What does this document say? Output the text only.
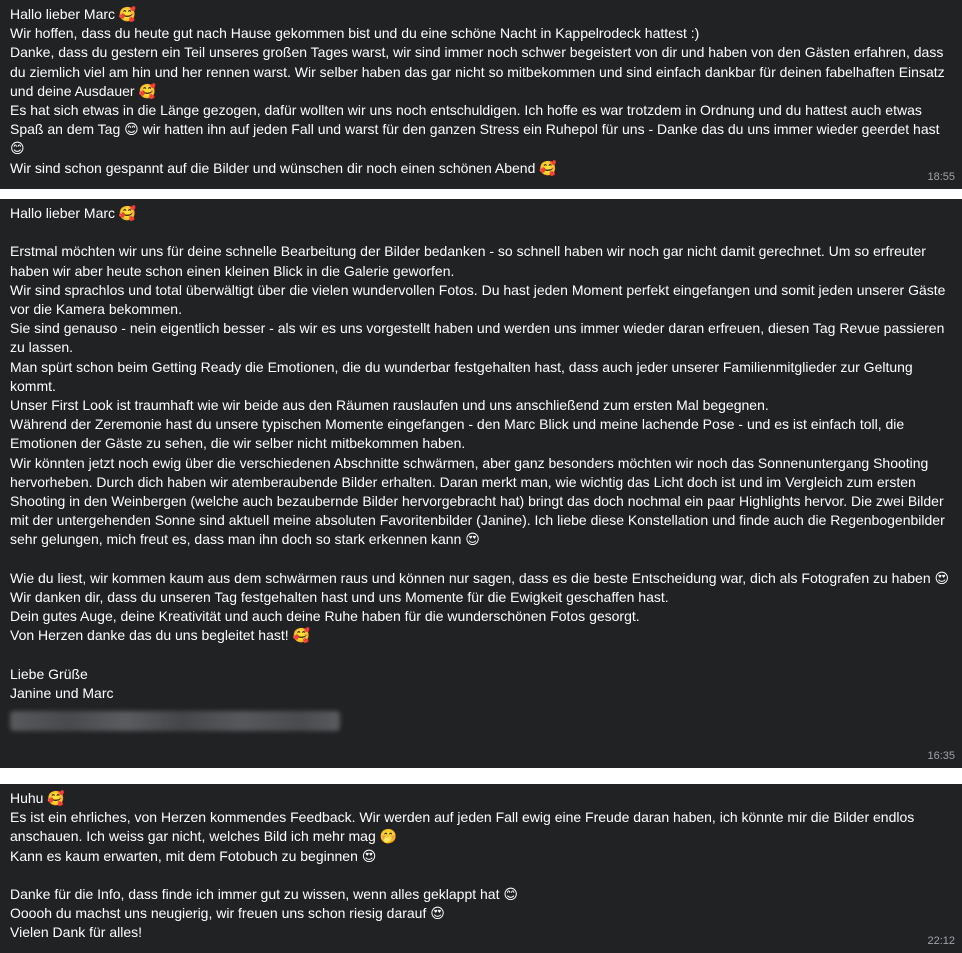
Hallo lieber Marc 🥰

Wir hoffen, dass du heute gut nach Hause gekommen bist und du eine schöne Nacht in Kappelrodeck hattest :)

Danke, dass du gestern ein Teil unseres großen Tages warst, wir sind immer noch schwer begeistert von dir und haben von den Gästen erfahren, dass du ziemlich viel am hin und her rennen warst. Wir selber haben das gar nicht so mitbekommen und sind einfach dankbar für deinen fabelhaften Einsatz und deine Ausdauer 🥰

Es hat sich etwas in die Länge gezogen, dafür wollten wir uns noch entschuldigen. Ich hoffe es war trotzdem in Ordnung und du hattest auch etwas Spaß an dem Tag 😊 wir hatten ihn auf jeden Fall und warst für den ganzen Stress ein Ruhepol für uns - Danke das du uns immer wieder geerdet hast 😊

Wir sind schon gespannt auf die Bilder und wünschen dir noch einen schönen Abend 🥰

18:55

Hallo lieber Marc 🥰

Erstmal möchten wir uns für deine schnelle Bearbeitung der Bilder bedanken - so schnell haben wir noch gar nicht damit gerechnet. Um so erfreuter haben wir aber heute schon einen kleinen Blick in die Galerie geworfen.

Wir sind sprachlos und total überwältigt über die vielen wundervollen Fotos. Du hast jeden Moment perfekt eingefangen und somit jeden unserer Gäste vor die Kamera bekommen.

Sie sind genauso - nein eigentlich besser - als wir es uns vorgestellt haben und werden uns immer wieder daran erfreuen, diesen Tag Revue passieren zu lassen.

Man spürt schon beim Getting Ready die Emotionen, die du wunderbar festgehalten hast, dass auch jeder unserer Familienmitglieder zur Geltung kommt.

Unser First Look ist traumhaft wie wir beide aus den Räumen rauslaufen und uns anschließend zum ersten Mal begegnen.

Während der Zeremonie hast du unsere typischen Momente eingefangen - den Marc Blick und meine lachende Pose - und es ist einfach toll, die Emotionen der Gäste zu sehen, die wir selber nicht mitbekommen haben.

Wir könnten jetzt noch ewig über die verschiedenen Abschnitte schwärmen, aber ganz besonders möchten wir noch das Sonnenuntergang Shooting hervorheben. Durch dich haben wir atemberaubende Bilder erhalten. Daran merkt man, wie wichtig das Licht doch ist und im Vergleich zum ersten Shooting in den Weinbergen (welche auch bezaubernde Bilder hervorgebracht hat) bringt das doch nochmal ein paar Highlights hervor. Die zwei Bilder mit der untergehenden Sonne sind aktuell meine absoluten Favoritenbilder (Janine). Ich liebe diese Konstellation und finde auch die Regenbogenbilder sehr gelungen, mich freut es, dass man ihn doch so stark erkennen kann 😍

Wie du liest, wir kommen kaum aus dem schwärmen raus und können nur sagen, dass es die beste Entscheidung war, dich als Fotografen zu haben 😍

Wir danken dir, dass du unseren Tag festgehalten hast und uns Momente für die Ewigkeit geschaffen hast.

Dein gutes Auge, deine Kreativität und auch deine Ruhe haben für die wunderschönen Fotos gesorgt.

Von Herzen danke das du uns begleitet hast! 🥰

Liebe Grüße

Janine und Marc

16:35

Huhu 🥰

Es ist ein ehrliches, von Herzen kommendes Feedback. Wir werden auf jeden Fall ewig eine Freude daran haben, ich könnte mir die Bilder endlos anschauen. Ich weiss gar nicht, welches Bild ich mehr mag 🤭

Kann es kaum erwarten, mit dem Fotobuch zu beginnen 😍

Danke für die Info, dass finde ich immer gut zu wissen, wenn alles geklappt hat 😊

Ooooh du machst uns neugierig, wir freuen uns schon riesig darauf 😍

Vielen Dank für alles!

22:12
